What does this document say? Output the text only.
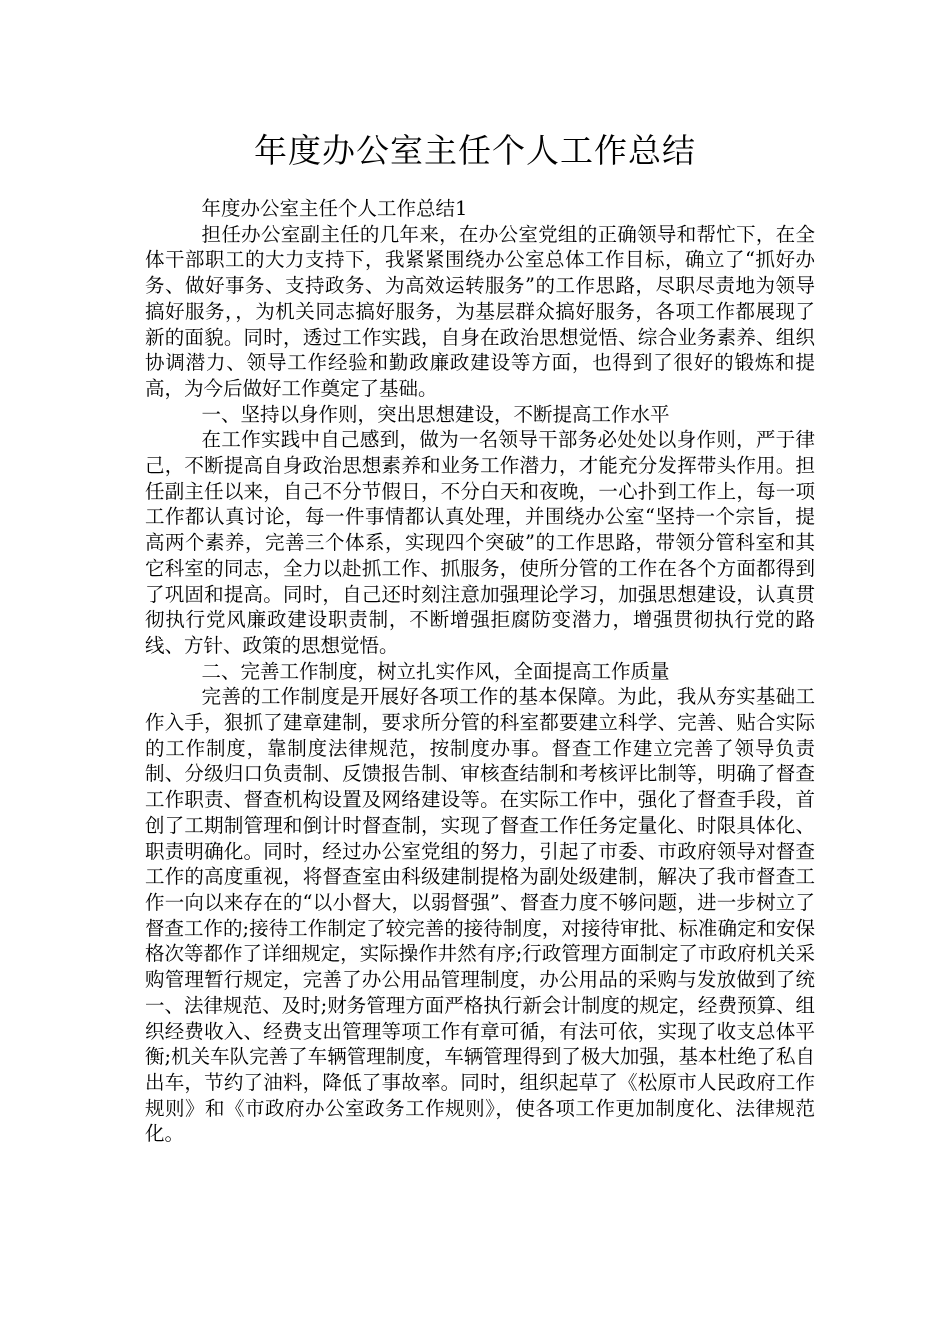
年度办公室主任个人工作总结

年度办公室主任个人工作总结1

担任办公室副主任的几年来，在办公室党组的正确领导和帮忙下，在全体干部职工的大力支持下，我紧紧围绕办公室总体工作目标，确立了“抓好办务、做好事务、支持政务、为高效运转服务”的工作思路，尽职尽责地为领导搞好服务，，为机关同志搞好服务，为基层群众搞好服务，各项工作都展现了新的面貌。同时，透过工作实践，自身在政治思想觉悟、综合业务素养、组织协调潜力、领导工作经验和勤政廉政建设等方面，也得到了很好的锻炼和提高，为今后做好工作奠定了基础。

一、坚持以身作则，突出思想建设，不断提高工作水平

在工作实践中自己感到，做为一名领导干部务必处处以身作则，严于律己，不断提高自身政治思想素养和业务工作潜力，才能充分发挥带头作用。担任副主任以来，自己不分节假日，不分白天和夜晚，一心扑到工作上，每一项工作都认真讨论，每一件事情都认真处理，并围绕办公室“坚持一个宗旨，提高两个素养，完善三个体系，实现四个突破”的工作思路，带领分管科室和其它科室的同志，全力以赴抓工作、抓服务，使所分管的工作在各个方面都得到了巩固和提高。同时，自己还时刻注意加强理论学习，加强思想建设，认真贯彻执行党风廉政建设职责制，不断增强拒腐防变潜力，增强贯彻执行党的路线、方针、政策的思想觉悟。

二、完善工作制度，树立扎实作风，全面提高工作质量

完善的工作制度是开展好各项工作的基本保障。为此，我从夯实基础工作入手，狠抓了建章建制，要求所分管的科室都要建立科学、完善、贴合实际的工作制度，靠制度法律规范，按制度办事。督查工作建立完善了领导负责制、分级归口负责制、反馈报告制、审核查结制和考核评比制等，明确了督查工作职责、督查机构设置及网络建设等。在实际工作中，强化了督查手段，首创了工期制管理和倒计时督查制，实现了督查工作任务定量化、时限具体化、职责明确化。同时，经过办公室党组的努力，引起了市委、市政府领导对督查工作的高度重视，将督查室由科级建制提格为副处级建制，解决了我市督查工作一向以来存在的“以小督大，以弱督强”、督查力度不够问题，进一步树立了督查工作的;接待工作制定了较完善的接待制度，对接待审批、标准确定和安保格次等都作了详细规定，实际操作井然有序;行政管理方面制定了市政府机关采购管理暂行规定，完善了办公用品管理制度，办公用品的采购与发放做到了统一、法律规范、及时;财务管理方面严格执行新会计制度的规定，经费预算、组织经费收入、经费支出管理等项工作有章可循，有法可依，实现了收支总体平衡;机关车队完善了车辆管理制度，车辆管理得到了极大加强，基本杜绝了私自出车，节约了油料，降低了事故率。同时，组织起草了《松原市人民政府工作规则》和《市政府办公室政务工作规则》，使各项工作更加制度化、法律规范化。
